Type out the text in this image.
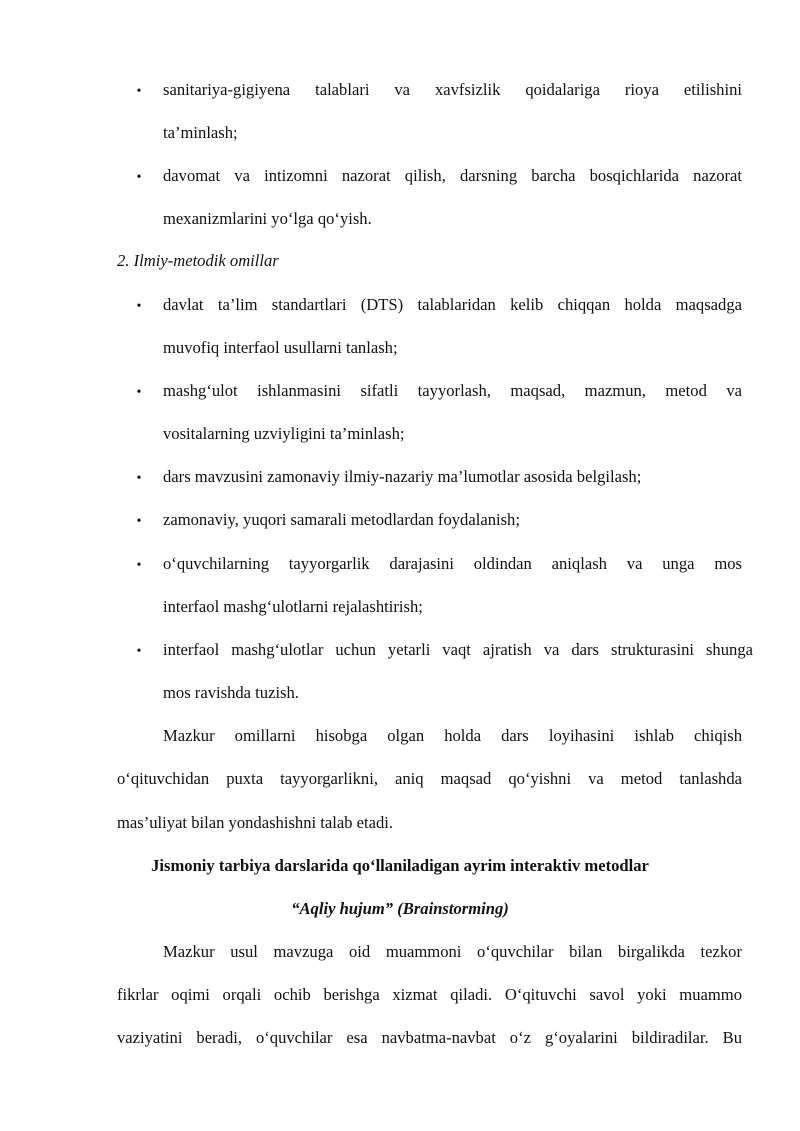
•
sanitariya-gigiyena talablari va xavfsizlik qoidalariga rioya etilishini
ta’minlash;
•
davomat va intizomni nazorat qilish, darsning barcha bosqichlarida nazorat
mexanizmlarini yo‘lga qo‘yish.
2. Ilmiy-metodik omillar
•
davlat ta’lim standartlari (DTS) talablaridan kelib chiqqan holda maqsadga
muvofiq interfaol usullarni tanlash;
•
mashg‘ulot ishlanmasini sifatli tayyorlash, maqsad, mazmun, metod va
vositalarning uzviyligini ta’minlash;
•
dars mavzusini zamonaviy ilmiy-nazariy ma’lumotlar asosida belgilash;
•
zamonaviy, yuqori samarali metodlardan foydalanish;
•
o‘quvchilarning tayyorgarlik darajasini oldindan aniqlash va unga mos
interfaol mashg‘ulotlarni rejalashtirish;
•
interfaol mashg‘ulotlar uchun yetarli vaqt ajratish va dars strukturasini shunga
mos ravishda tuzish.
Mazkur omillarni hisobga olgan holda dars loyihasini ishlab chiqish
o‘qituvchidan puxta tayyorgarlikni, aniq maqsad qo‘yishni va metod tanlashda
mas’uliyat bilan yondashishni talab etadi.
Jismoniy tarbiya darslarida qo‘llaniladigan ayrim interaktiv metodlar
“Aqliy hujum” (Brainstorming)
Mazkur usul mavzuga oid muammoni o‘quvchilar bilan birgalikda tezkor
fikrlar oqimi orqali ochib berishga xizmat qiladi. O‘qituvchi savol yoki muammo
vaziyatini beradi, o‘quvchilar esa navbatma-navbat o‘z g‘oyalarini bildiradilar. Bu
